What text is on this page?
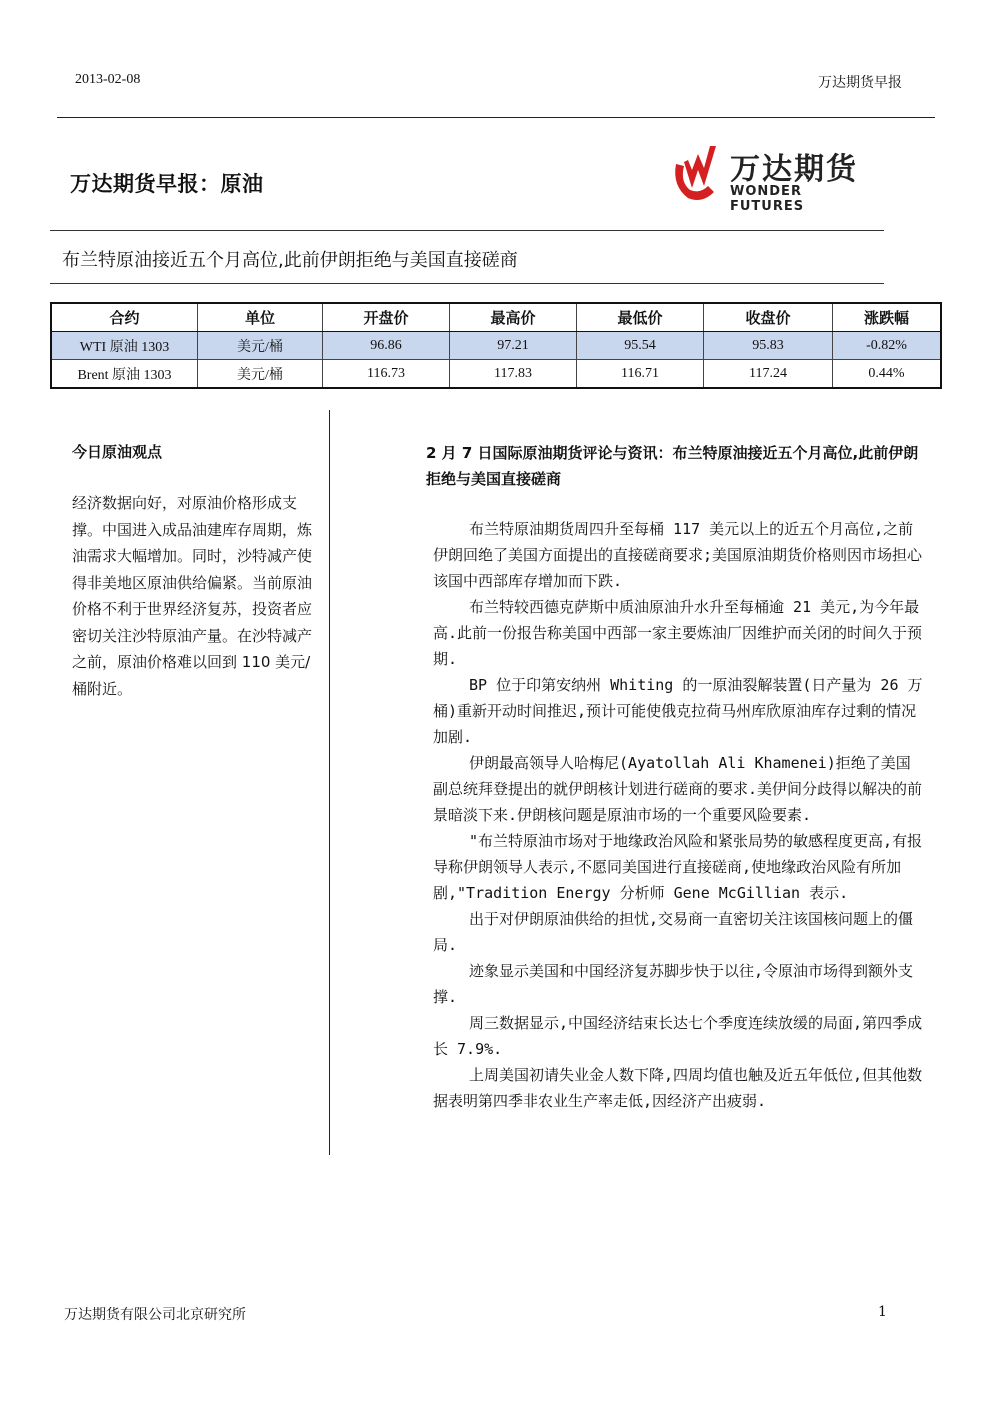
2013-02-08	万达期货早报
万达期货早报：原油	万达期货
WONDER FUTURES
布兰特原油接近五个月高位,此前伊朗拒绝与美国直接磋商
合约	单位	开盘价	最高价	最低价	收盘价	涨跌幅
WTI 原油 1303	美元/桶	96.86	97.21	95.54	95.83	-0.82%
Brent 原油 1303	美元/桶	116.73	117.83	116.71	117.24	0.44%
今日原油观点
经济数据向好，对原油价格形成支撑。中国进入成品油建库存周期，炼油需求大幅增加。同时，沙特减产使得非美地区原油供给偏紧。当前原油价格不利于世界经济复苏，投资者应密切关注沙特原油产量。在沙特减产之前，原油价格难以回到 110 美元/桶附近。
2 月 7 日国际原油期货评论与资讯：布兰特原油接近五个月高位,此前伊朗拒绝与美国直接磋商

布兰特原油期货周四升至每桶 117 美元以上的近五个月高位,之前伊朗回绝了美国方面提出的直接磋商要求;美国原油期货价格则因市场担心该国中西部库存增加而下跌.

布兰特较西德克萨斯中质油原油升水升至每桶逾 21 美元,为今年最高.此前一份报告称美国中西部一家主要炼油厂因维护而关闭的时间久于预期.

BP 位于印第安纳州 Whiting 的一原油裂解装置(日产量为 26 万桶)重新开动时间推迟,预计可能使俄克拉荷马州库欣原油库存过剩的情况加剧.

伊朗最高领导人哈梅尼(Ayatollah Ali Khamenei)拒绝了美国副总统拜登提出的就伊朗核计划进行磋商的要求.美伊间分歧得以解决的前景暗淡下来.伊朗核问题是原油市场的一个重要风险要素.

"布兰特原油市场对于地缘政治风险和紧张局势的敏感程度更高,有报导称伊朗领导人表示,不愿同美国进行直接磋商,使地缘政治风险有所加剧,"Tradition Energy 分析师 Gene McGillian 表示.

出于对伊朗原油供给的担忧,交易商一直密切关注该国核问题上的僵局.

迹象显示美国和中国经济复苏脚步快于以往,令原油市场得到额外支撑.

周三数据显示,中国经济结束长达七个季度连续放缓的局面,第四季成长 7.9%.

上周美国初请失业金人数下降,四周均值也触及近五年低位,但其他数据表明第四季非农业生产率走低,因经济产出疲弱.

万达期货有限公司北京研究所	1
